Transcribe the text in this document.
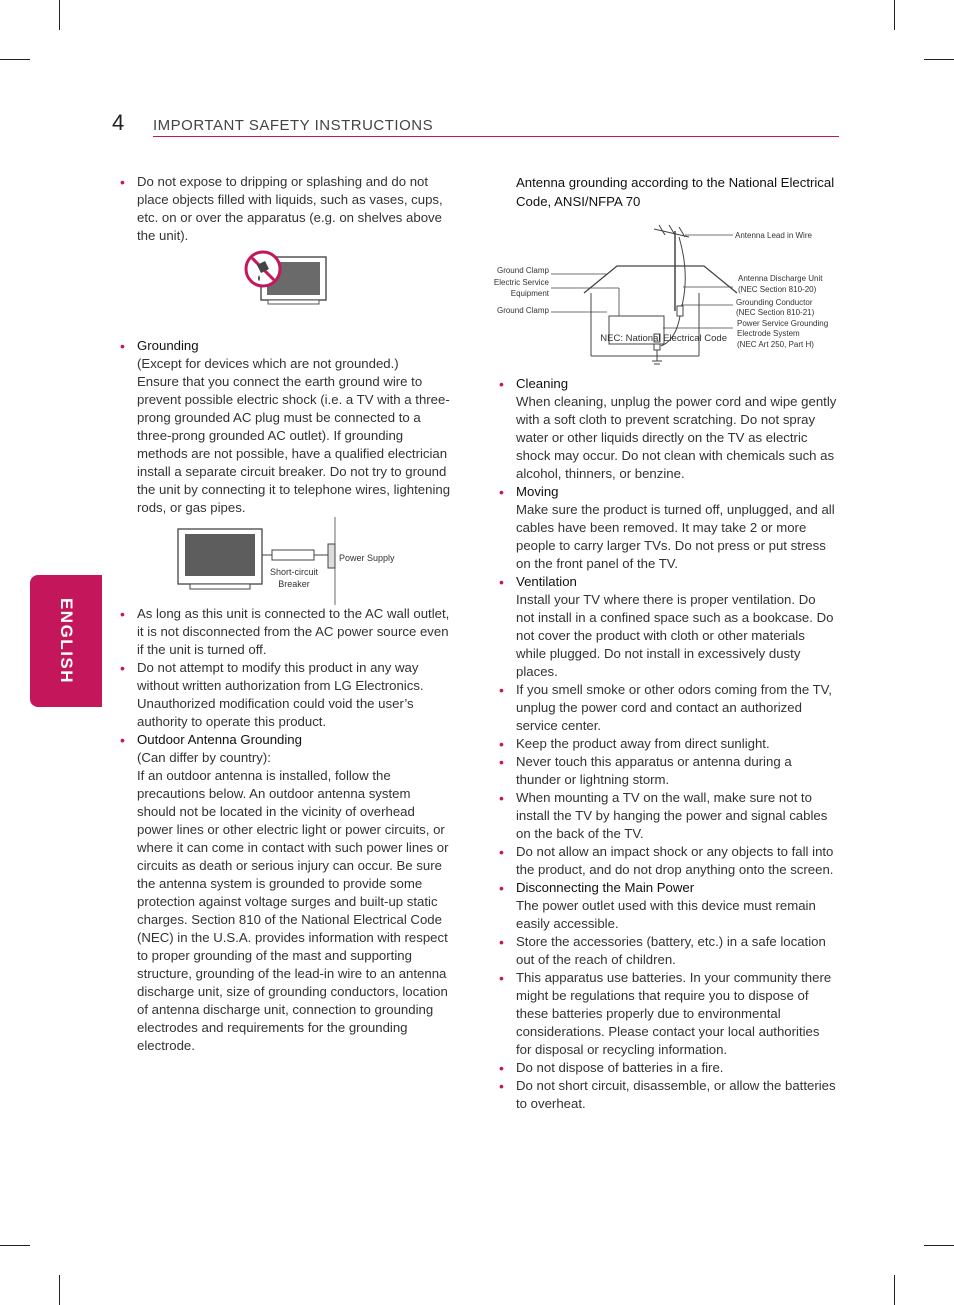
4 IMPORTANT SAFETY INSTRUCTIONS
ENGLISH
• Do not expose to dripping or splashing and do not place objects filled with liquids, such as vases, cups, etc. on or over the apparatus (e.g. on shelves above the unit).
• Grounding
(Except for devices which are not grounded.)
Ensure that you connect the earth ground wire to prevent possible electric shock (i.e. a TV with a three-prong grounded AC plug must be connected to a three-prong grounded AC outlet). If grounding methods are not possible, have a qualified electrician install a separate circuit breaker. Do not try to ground the unit by connecting it to telephone wires, lightening rods, or gas pipes.
Short-circuit
Breaker
Power Supply
• As long as this unit is connected to the AC wall outlet, it is not disconnected from the AC power source even if the unit is turned off.
• Do not attempt to modify this product in any way without written authorization from LG Electronics. Unauthorized modification could void the user’s authority to operate this product.
• Outdoor Antenna Grounding
(Can differ by country):
If an outdoor antenna is installed, follow the precautions below. An outdoor antenna system should not be located in the vicinity of overhead power lines or other electric light or power circuits, or where it can come in contact with such power lines or circuits as death or serious injury can occur. Be sure the antenna system is grounded to provide some protection against voltage surges and built-up static charges. Section 810 of the National Electrical Code (NEC) in the U.S.A. provides information with respect to proper grounding of the mast and supporting structure, grounding of the lead-in wire to an antenna discharge unit, size of grounding conductors, location of antenna discharge unit, connection to grounding electrodes and requirements for the grounding electrode.
Antenna grounding according to the National Electrical Code, ANSI/NFPA 70
Ground Clamp
Electric Service
Equipment
Ground Clamp
Antenna Lead in Wire
Antenna Discharge Unit
(NEC Section 810-20)
Grounding Conductor
(NEC Section 810-21)
Power Service Grounding
Electrode System
(NEC Art 250, Part H)
NEC: National Electrical Code
• Cleaning
When cleaning, unplug the power cord and wipe gently with a soft cloth to prevent scratching. Do not spray water or other liquids directly on the TV as electric shock may occur. Do not clean with chemicals such as alcohol, thinners, or benzine.
• Moving
Make sure the product is turned off, unplugged, and all cables have been removed. It may take 2 or more people to carry larger TVs. Do not press or put stress on the front panel of the TV.
• Ventilation
Install your TV where there is proper ventilation. Do not install in a confined space such as a bookcase. Do not cover the product with cloth or other materials while plugged. Do not install in excessively dusty places.
• If you smell smoke or other odors coming from the TV, unplug the power cord and contact an authorized service center.
• Keep the product away from direct sunlight.
• Never touch this apparatus or antenna during a thunder or lightning storm.
• When mounting a TV on the wall, make sure not to install the TV by hanging the power and signal cables on the back of the TV.
• Do not allow an impact shock or any objects to fall into the product, and do not drop anything onto the screen.
• Disconnecting the Main Power
The power outlet used with this device must remain easily accessible.
• Store the accessories (battery, etc.) in a safe location out of the reach of children.
• This apparatus use batteries. In your community there might be regulations that require you to dispose of these batteries properly due to environmental considerations. Please contact your local authorities for disposal or recycling information.
• Do not dispose of batteries in a fire.
• Do not short circuit, disassemble, or allow the batteries to overheat.
